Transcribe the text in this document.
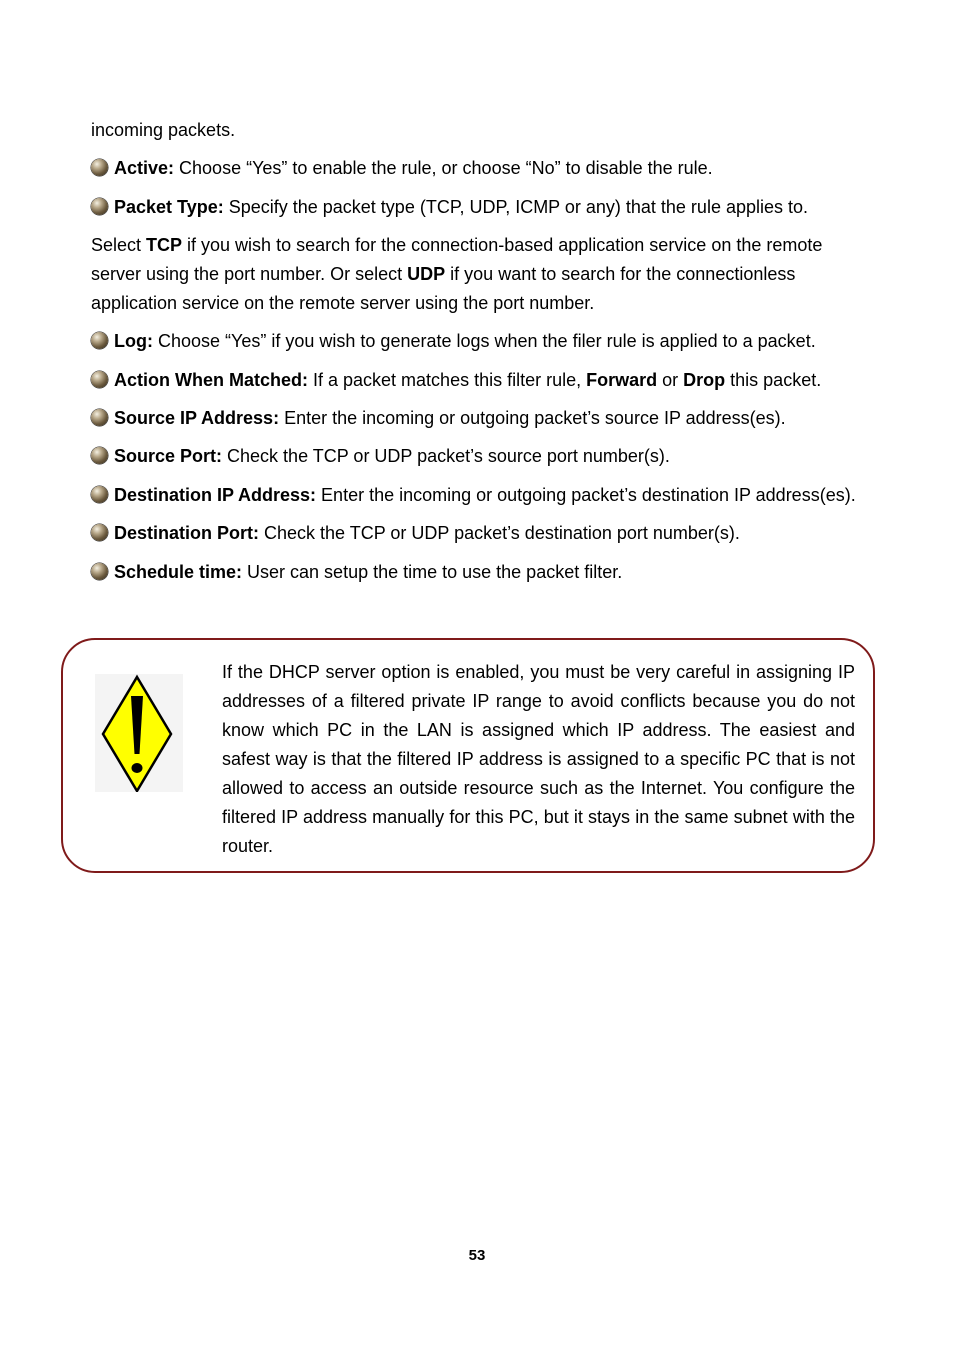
incoming packets.

Active: Choose “Yes” to enable the rule, or choose “No” to disable the rule.

Packet Type: Specify the packet type (TCP, UDP, ICMP or any) that the rule applies to.

Select TCP if you wish to search for the connection-based application service on the remote server using the port number. Or select UDP if you want to search for the connectionless application service on the remote server using the port number.

Log: Choose “Yes” if you wish to generate logs when the filer rule is applied to a packet.

Action When Matched: If a packet matches this filter rule, Forward or Drop this packet.

Source IP Address: Enter the incoming or outgoing packet’s source IP address(es).

Source Port: Check the TCP or UDP packet’s source port number(s).

Destination IP Address: Enter the incoming or outgoing packet’s destination IP address(es).

Destination Port: Check the TCP or UDP packet’s destination port number(s).

Schedule time: User can setup the time to use the packet filter.

If the DHCP server option is enabled, you must be very careful in assigning IP addresses of a filtered private IP range to avoid conflicts because you do not know which PC in the LAN is assigned which IP address. The easiest and safest way is that the filtered IP address is assigned to a specific PC that is not allowed to access an outside resource such as the Internet. You configure the filtered IP address manually for this PC, but it stays in the same subnet with the router.

53
